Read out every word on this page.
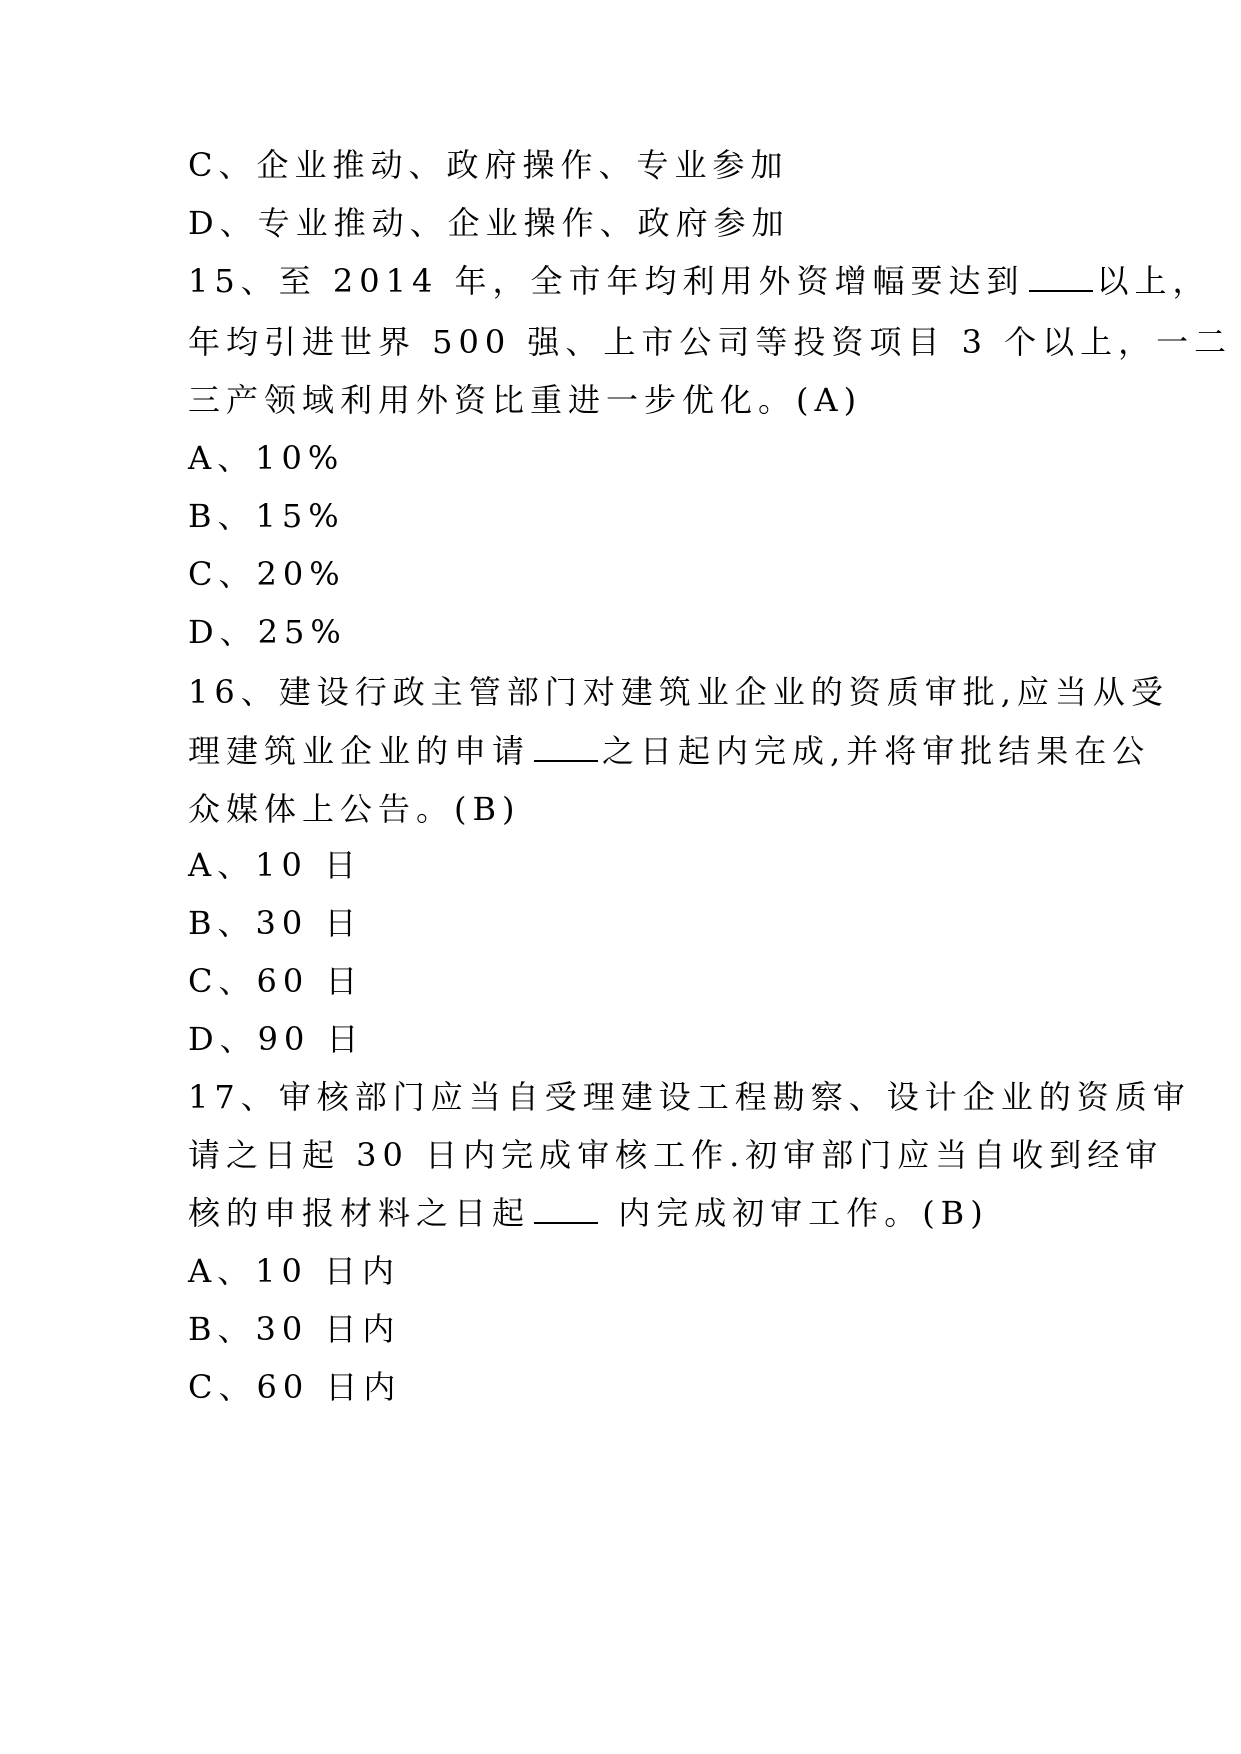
C、企业推动、政府操作、专业参加
D、专业推动、企业操作、政府参加
15、至 2014 年，全市年均利用外资增幅要达到 以上，
年均引进世界 500 强、上市公司等投资项目 3 个以上，一二
三产领域利用外资比重进一步优化。(A)
A、10%
B、15%
C、20%
D、25%
16、建设行政主管部门对建筑业企业的资质审批,应当从受
理建筑业企业的申请 之日起内完成,并将审批结果在公
众媒体上公告。(B)
A、10 日
B、30 日
C、60 日
D、90 日
17、审核部门应当自受理建设工程勘察、设计企业的资质审
请之日起 30 日内完成审核工作.初审部门应当自收到经审
核的申报材料之日起 内完成初审工作。(B)
A、10 日内
B、30 日内
C、60 日内
